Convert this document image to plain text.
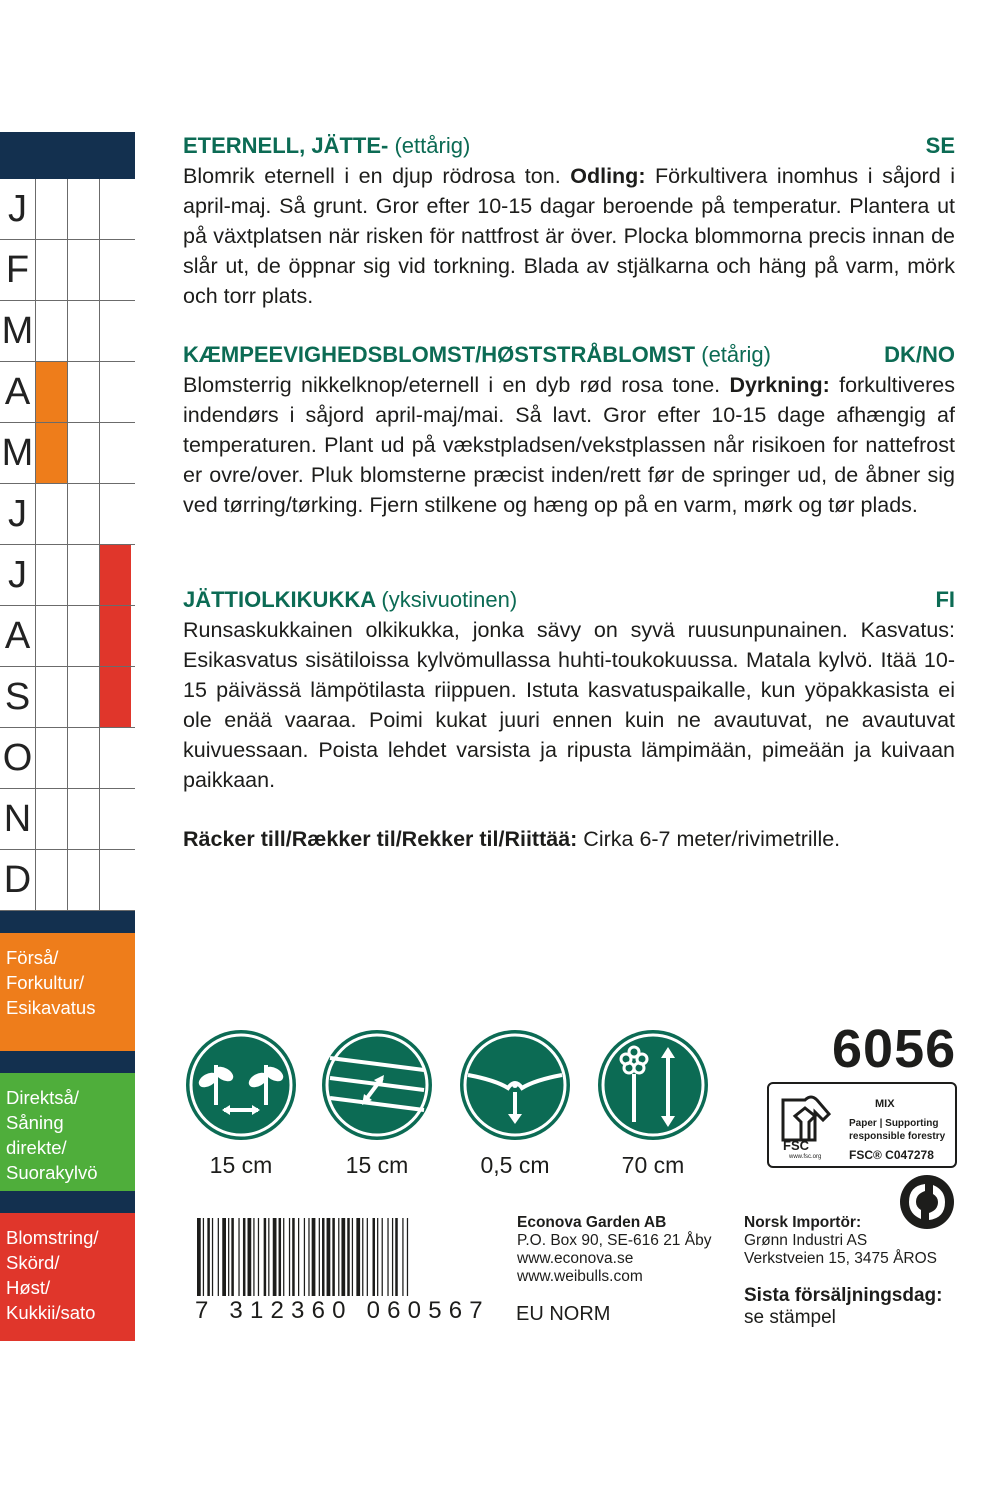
J
F
M
A
M
J
J
A
S
O
N
D
Förså/
Forkultur/
Esikavatus
Direktså/
Såning
direkte/
Suorakylvö
Blomstring/
Skörd/
Høst/
Kukkii/sato
ETERNELL, JÄTTE- (ettårig)	SE
Blomrik eternell i en djup rödrosa ton. Odling: Förkultivera inomhus i såjord i april-maj. Så grunt. Gror efter 10-15 dagar beroende på temperatur. Plantera ut på växtplatsen när risken för nattfrost är över. Plocka blommorna precis innan de slår ut, de öppnar sig vid torkning. Blada av stjälkarna och häng på varm, mörk och torr plats.
KÆMPEEVIGHEDSBLOMST/HØSTSTRÅBLOMST (etårig)	DK/NO
Blomsterrig nikkelknop/eternell i en dyb rød rosa tone. Dyrkning: forkultiveres indendørs i såjord april-maj/mai. Så lavt. Gror efter 10-15 dage afhængig af temperaturen. Plant ud på vækstpladsen/vekstplassen når risikoen for nattefrost er ovre/over. Pluk blomsterne præcist inden/rett før de springer ud, de åbner sig ved tørring/tørking. Fjern stilkene og hæng op på en varm, mørk og tør plads.
JÄTTIOLKIKUKKA (yksivuotinen)	FI
Runsaskukkainen olkikukka, jonka sävy on syvä ruusunpunainen. Kasvatus: Esikasvatus sisätiloissa kylvömullassa huhti-toukokuussa. Matala kylvö. Itää 10-15 päivässä lämpötilasta riippuen. Istuta kasvatuspaikalle, kun yöpakkasista ei ole enää vaaraa. Poimi kukat juuri ennen kuin ne avautuvat, ne avautuvat kuivuessaan. Poista lehdet varsista ja ripusta lämpimään, pimeään ja kuivaan paikkaan.
Räcker till/Rækker til/Rekker til/Riittää: Cirka 6-7 meter/rivimetrille.
15 cm	15 cm	0,5 cm	70 cm
6056
FSC
www.fsc.org
MIX
Paper | Supporting
responsible forestry
FSC® C047278
7 312360 060567
Econova Garden AB
P.O. Box 90, SE-616 21 Åby
www.econova.se
www.weibulls.com
EU NORM
Norsk Importör:
Grønn Industri AS
Verkstveien 15, 3475 ÅROS
Sista försäljningsdag:
se stämpel
